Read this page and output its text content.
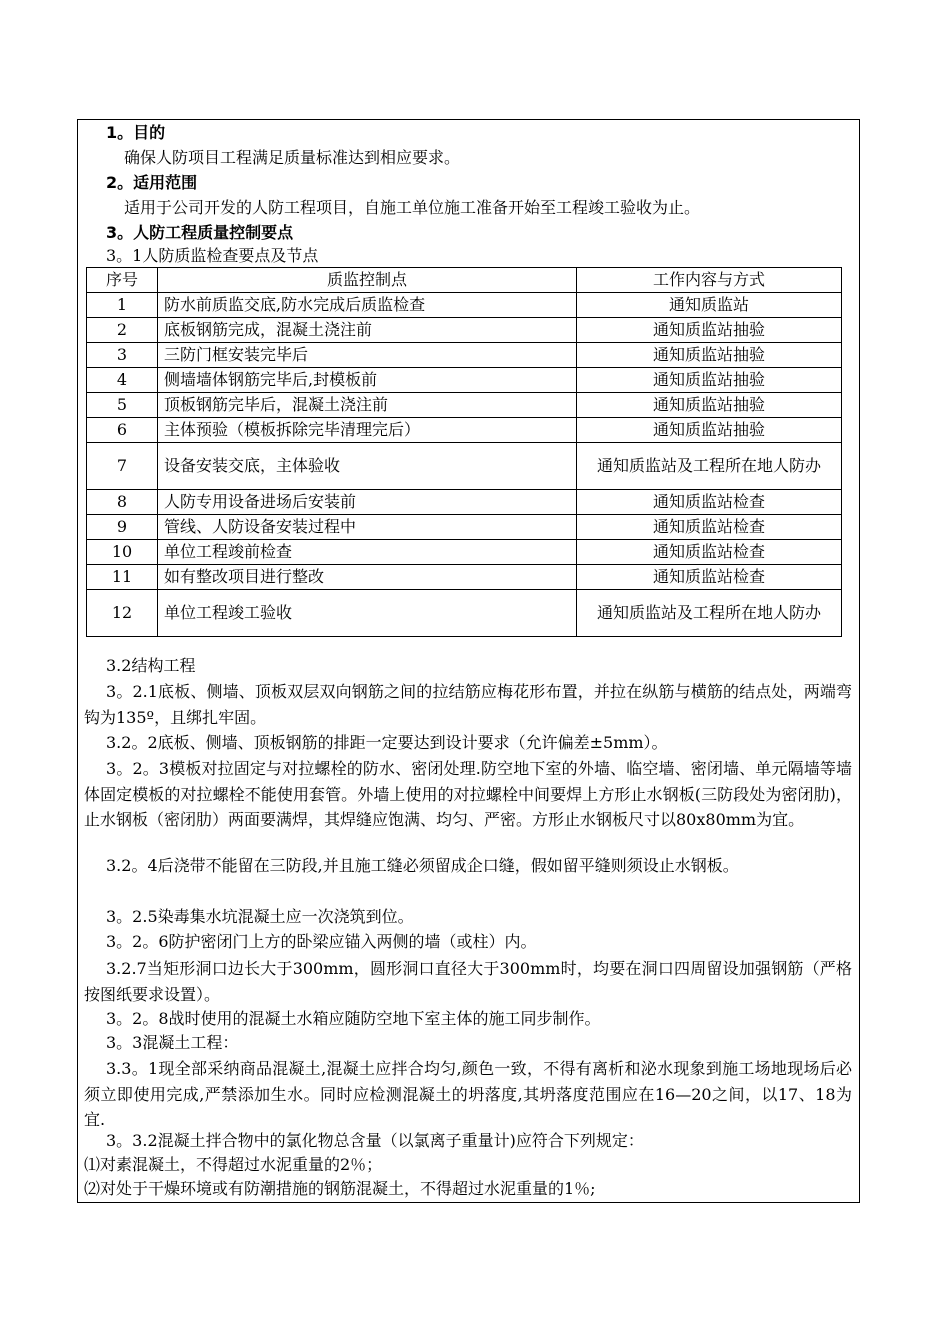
1。目的
确保人防项目工程满足质量标准达到相应要求。
2。适用范围
适用于公司开发的人防工程项目，自施工单位施工准备开始至工程竣工验收为止。
3。人防工程质量控制要点
3。1人防质监检查要点及节点
序号	质监控制点	工作内容与方式
1	防水前质监交底,防水完成后质监检查	通知质监站
2	底板钢筋完成，混凝土浇注前	通知质监站抽验
3	三防门框安装完毕后	通知质监站抽验
4	侧墙墙体钢筋完毕后,封模板前	通知质监站抽验
5	顶板钢筋完毕后，混凝土浇注前	通知质监站抽验
6	主体预验（模板拆除完毕清理完后）	通知质监站抽验
7	设备安装交底，主体验收	通知质监站及工程所在地人防办
8	人防专用设备进场后安装前	通知质监站检查
9	管线、人防设备安装过程中	通知质监站检查
10	单位工程竣前检查	通知质监站检查
11	如有整改项目进行整改	通知质监站检查
12	单位工程竣工验收	通知质监站及工程所在地人防办
3.2结构工程
3。2.1底板、侧墙、顶板双层双向钢筋之间的拉结筋应梅花形布置，并拉在纵筋与横筋的结点处，两端弯钩为135º，且绑扎牢固。
3.2。2底板、侧墙、顶板钢筋的排距一定要达到设计要求（允许偏差±5mm）。
3。2。3模板对拉固定与对拉螺栓的防水、密闭处理.防空地下室的外墙、临空墙、密闭墙、单元隔墙等墙体固定模板的对拉螺栓不能使用套管。外墙上使用的对拉螺栓中间要焊上方形止水钢板(三防段处为密闭肋)，止水钢板（密闭肋）两面要满焊，其焊缝应饱满、均匀、严密。方形止水钢板尺寸以80x80mm为宜。
3.2。4后浇带不能留在三防段,并且施工缝必须留成企口缝，假如留平缝则须设止水钢板。
3。2.5染毒集水坑混凝土应一次浇筑到位。
3。2。6防护密闭门上方的卧梁应锚入两侧的墙（或柱）内。
3.2.7当矩形洞口边长大于300mm，圆形洞口直径大于300mm时，均要在洞口四周留设加强钢筋（严格按图纸要求设置）。
3。2。8战时使用的混凝土水箱应随防空地下室主体的施工同步制作。
3。3混凝土工程：
3.3。1现全部采纳商品混凝土,混凝土应拌合均匀,颜色一致，不得有离析和泌水现象到施工场地现场后必须立即使用完成,严禁添加生水。同时应检测混凝土的坍落度,其坍落度范围应在16—20之间，以17、18为宜.
3。3.2混凝土拌合物中的氯化物总含量（以氯离子重量计)应符合下列规定：
⑴对素混凝土，不得超过水泥重量的2％；
⑵对处于干燥环境或有防潮措施的钢筋混凝土，不得超过水泥重量的1％;
